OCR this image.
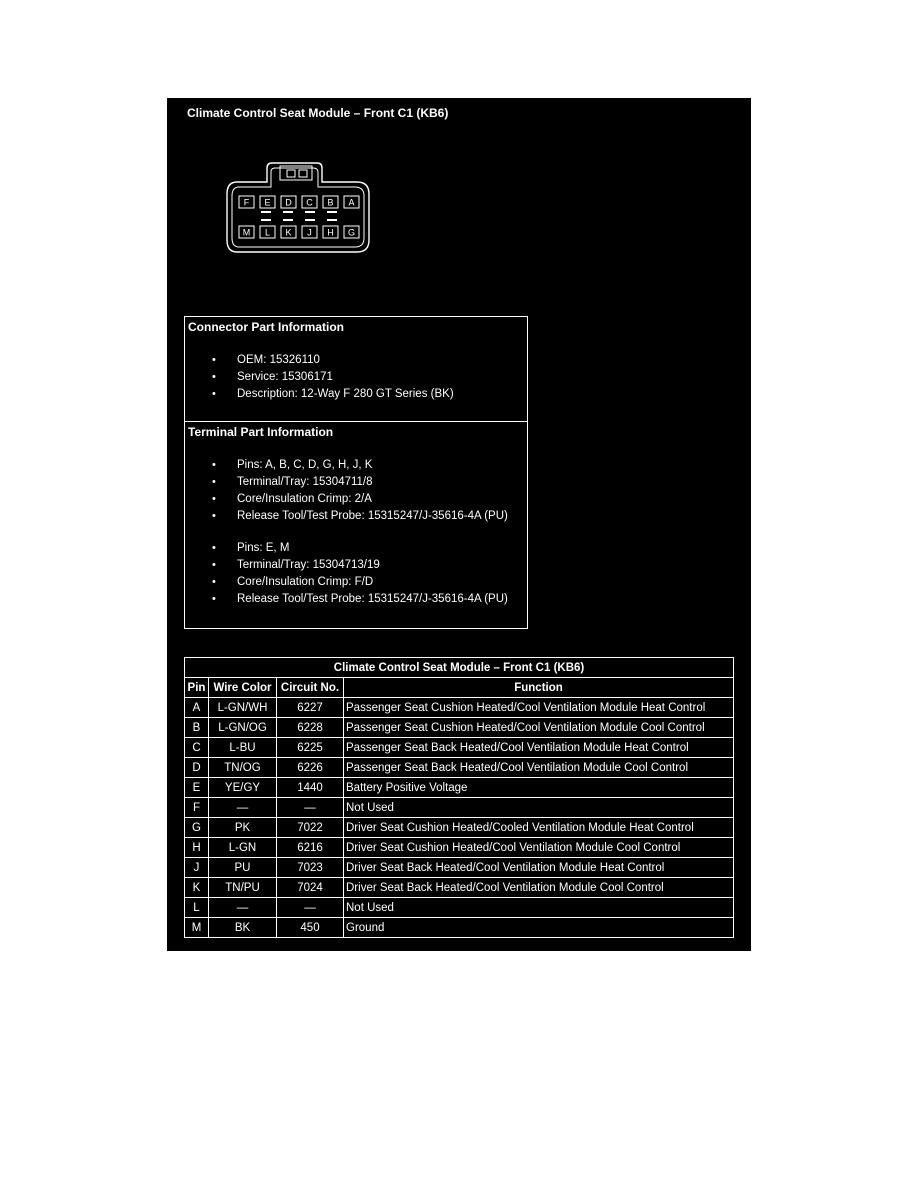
Climate Control Seat Module – Front C1 (KB6)
F E D C B A
M L K J H G
Connector Part Information
• OEM: 15326110
• Service: 15306171
• Description: 12-Way F 280 GT Series (BK)
Terminal Part Information
• Pins: A, B, C, D, G, H, J, K
• Terminal/Tray: 15304711/8
• Core/Insulation Crimp: 2/A
• Release Tool/Test Probe: 15315247/J-35616-4A (PU)
• Pins: E, M
• Terminal/Tray: 15304713/19
• Core/Insulation Crimp: F/D
• Release Tool/Test Probe: 15315247/J-35616-4A (PU)
Climate Control Seat Module – Front C1 (KB6)			
Pin	Wire Color	Circuit No.	Function
A	L-GN/WH	6227	Passenger Seat Cushion Heated/Cool Ventilation Module Heat Control
B	L-GN/OG	6228	Passenger Seat Cushion Heated/Cool Ventilation Module Cool Control
C	L-BU	6225	Passenger Seat Back Heated/Cool Ventilation Module Heat Control
D	TN/OG	6226	Passenger Seat Back Heated/Cool Ventilation Module Cool Control
E	YE/GY	1440	Battery Positive Voltage
F	—	—	Not Used
G	PK	7022	Driver Seat Cushion Heated/Cooled Ventilation Module Heat Control
H	L-GN	6216	Driver Seat Cushion Heated/Cool Ventilation Module Cool Control
J	PU	7023	Driver Seat Back Heated/Cool Ventilation Module Heat Control
K	TN/PU	7024	Driver Seat Back Heated/Cool Ventilation Module Cool Control
L	—	—	Not Used
M	BK	450	Ground
